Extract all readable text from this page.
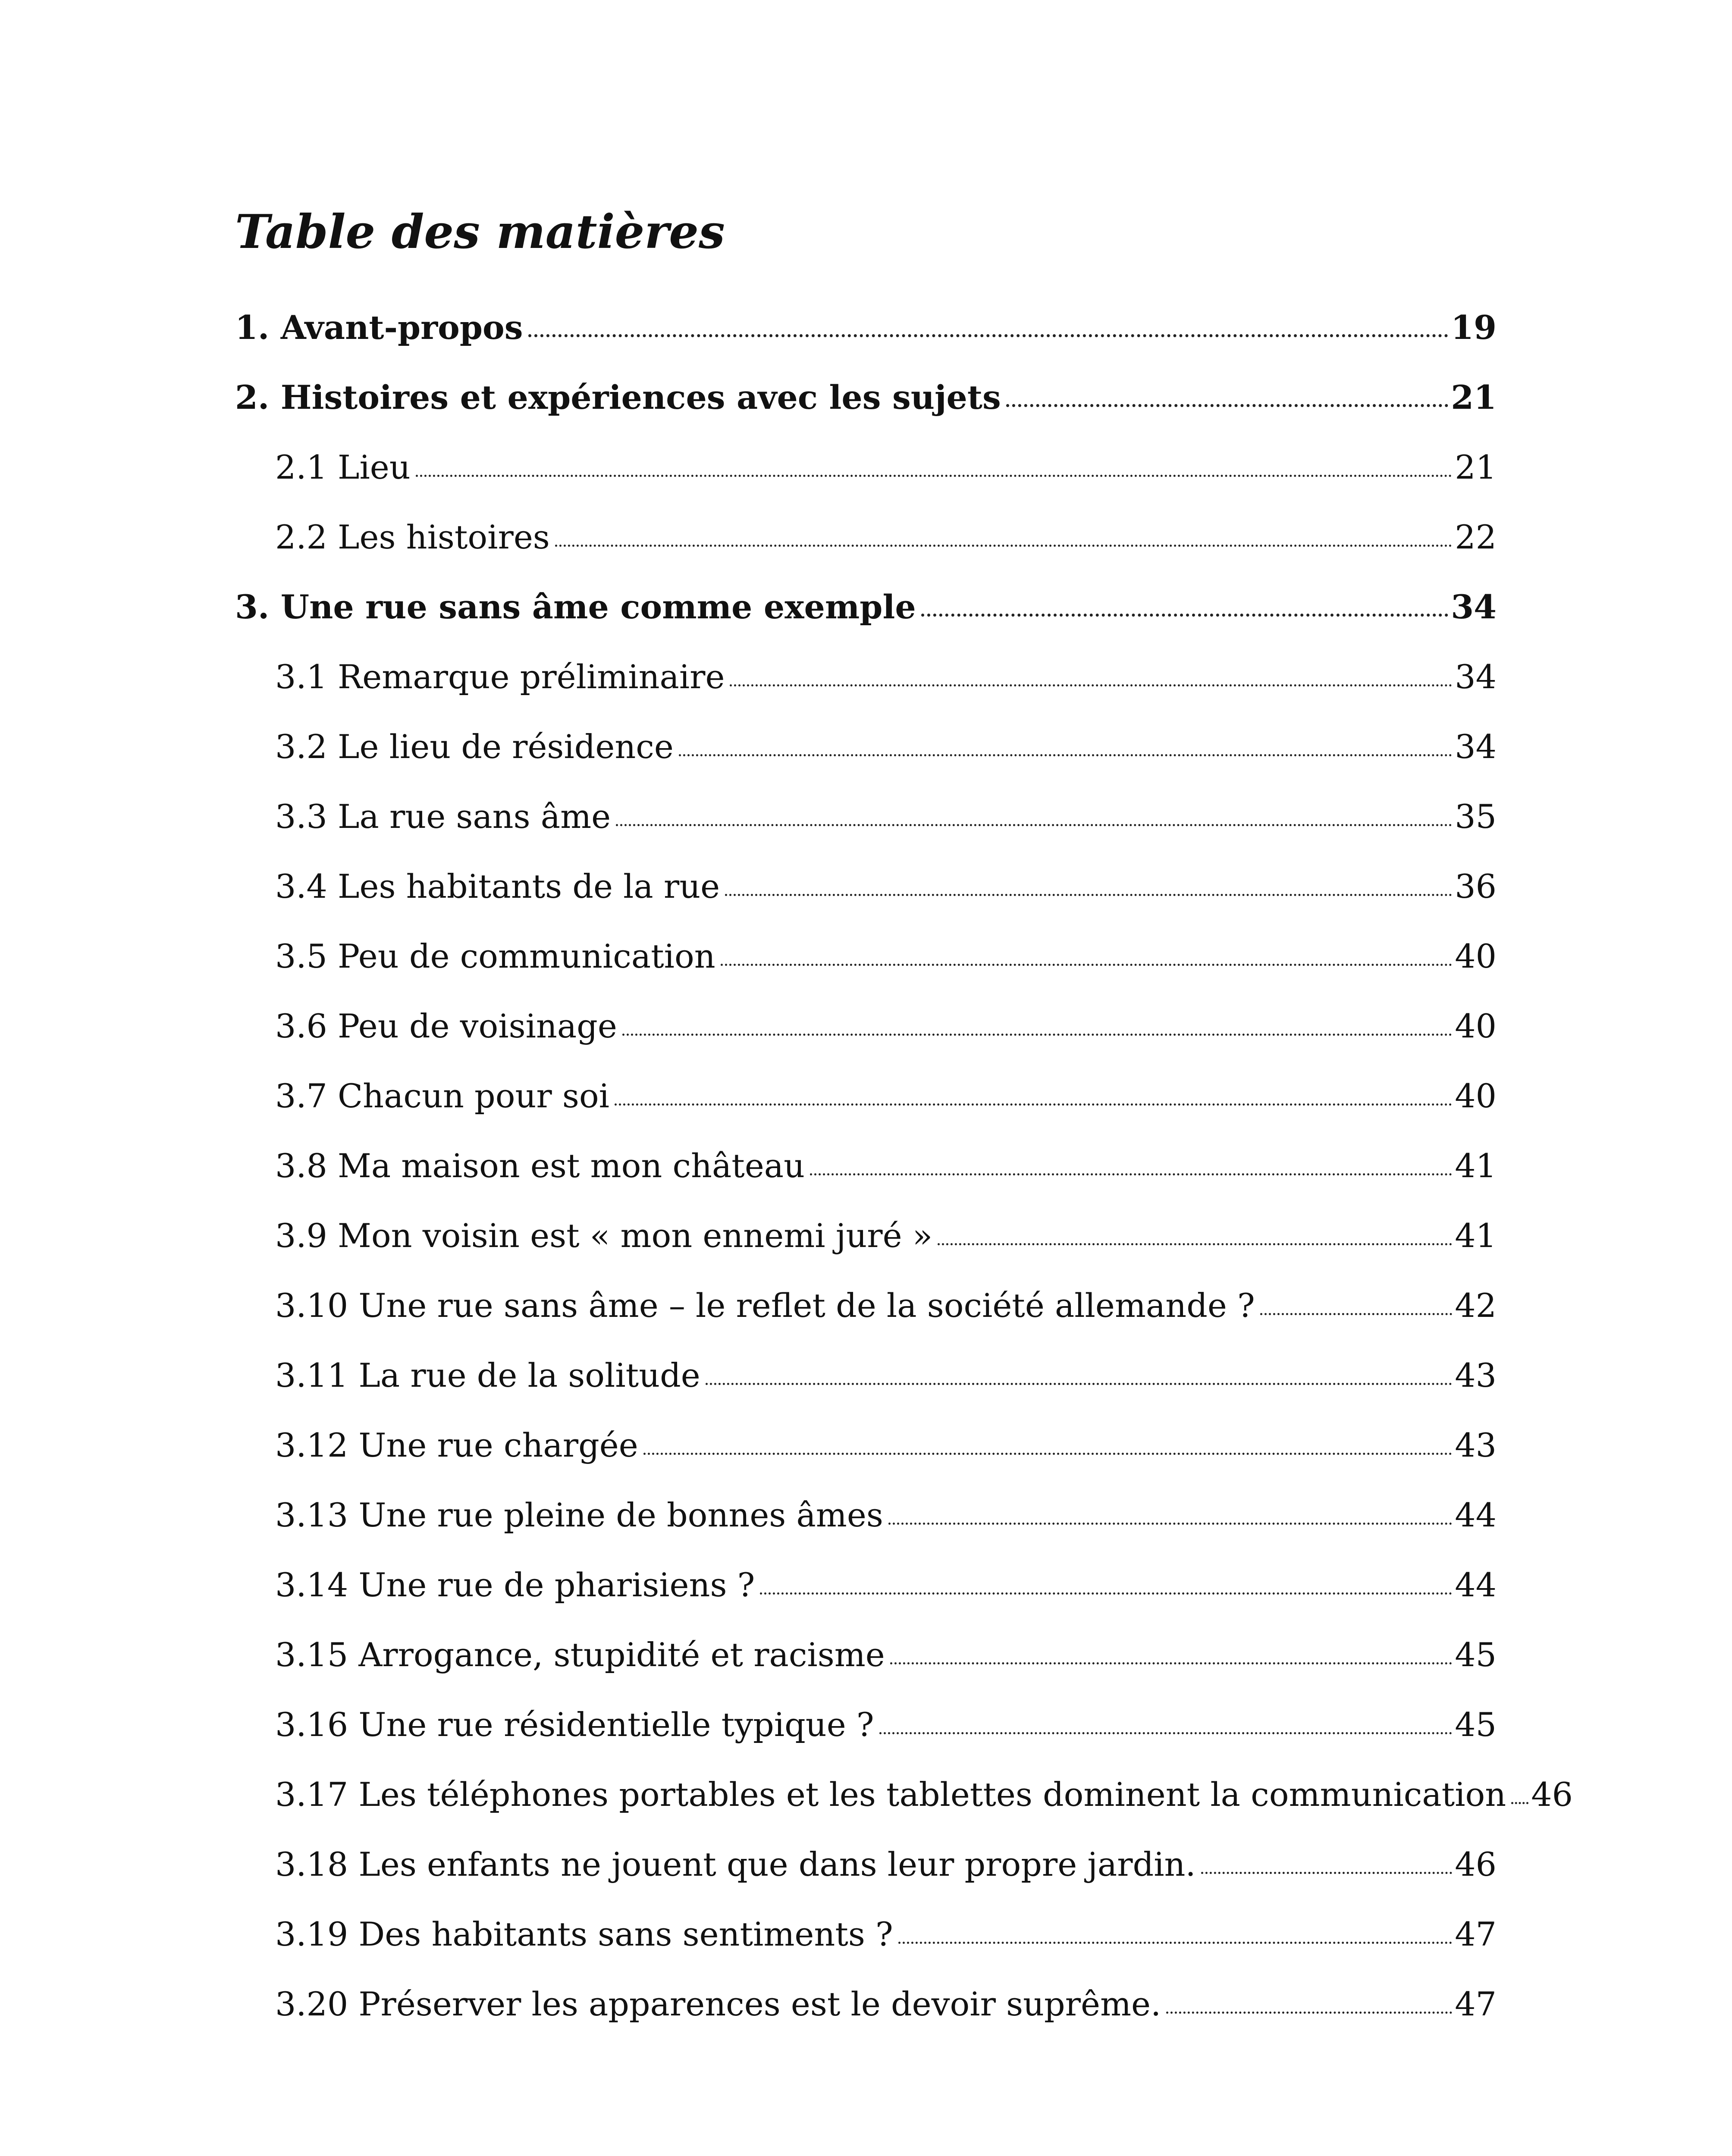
Table des matières
1. Avant-propos	19
2. Histoires et expériences avec les sujets	21
2.1 Lieu	21
2.2 Les histoires	22
3. Une rue sans âme comme exemple	34
3.1 Remarque préliminaire	34
3.2 Le lieu de résidence	34
3.3 La rue sans âme	35
3.4 Les habitants de la rue	36
3.5 Peu de communication	40
3.6 Peu de voisinage	40
3.7 Chacun pour soi	40
3.8 Ma maison est mon château	41
3.9 Mon voisin est « mon ennemi juré »	41
3.10 Une rue sans âme – le reflet de la société allemande ?	42
3.11 La rue de la solitude	43
3.12 Une rue chargée	43
3.13 Une rue pleine de bonnes âmes	44
3.14 Une rue de pharisiens ?	44
3.15 Arrogance, stupidité et racisme	45
3.16 Une rue résidentielle typique ?	45
3.17 Les téléphones portables et les tablettes dominent la communication 46
3.18 Les enfants ne jouent que dans leur propre jardin.	46
3.19 Des habitants sans sentiments ?	47
3.20 Préserver les apparences est le devoir suprême.	47
